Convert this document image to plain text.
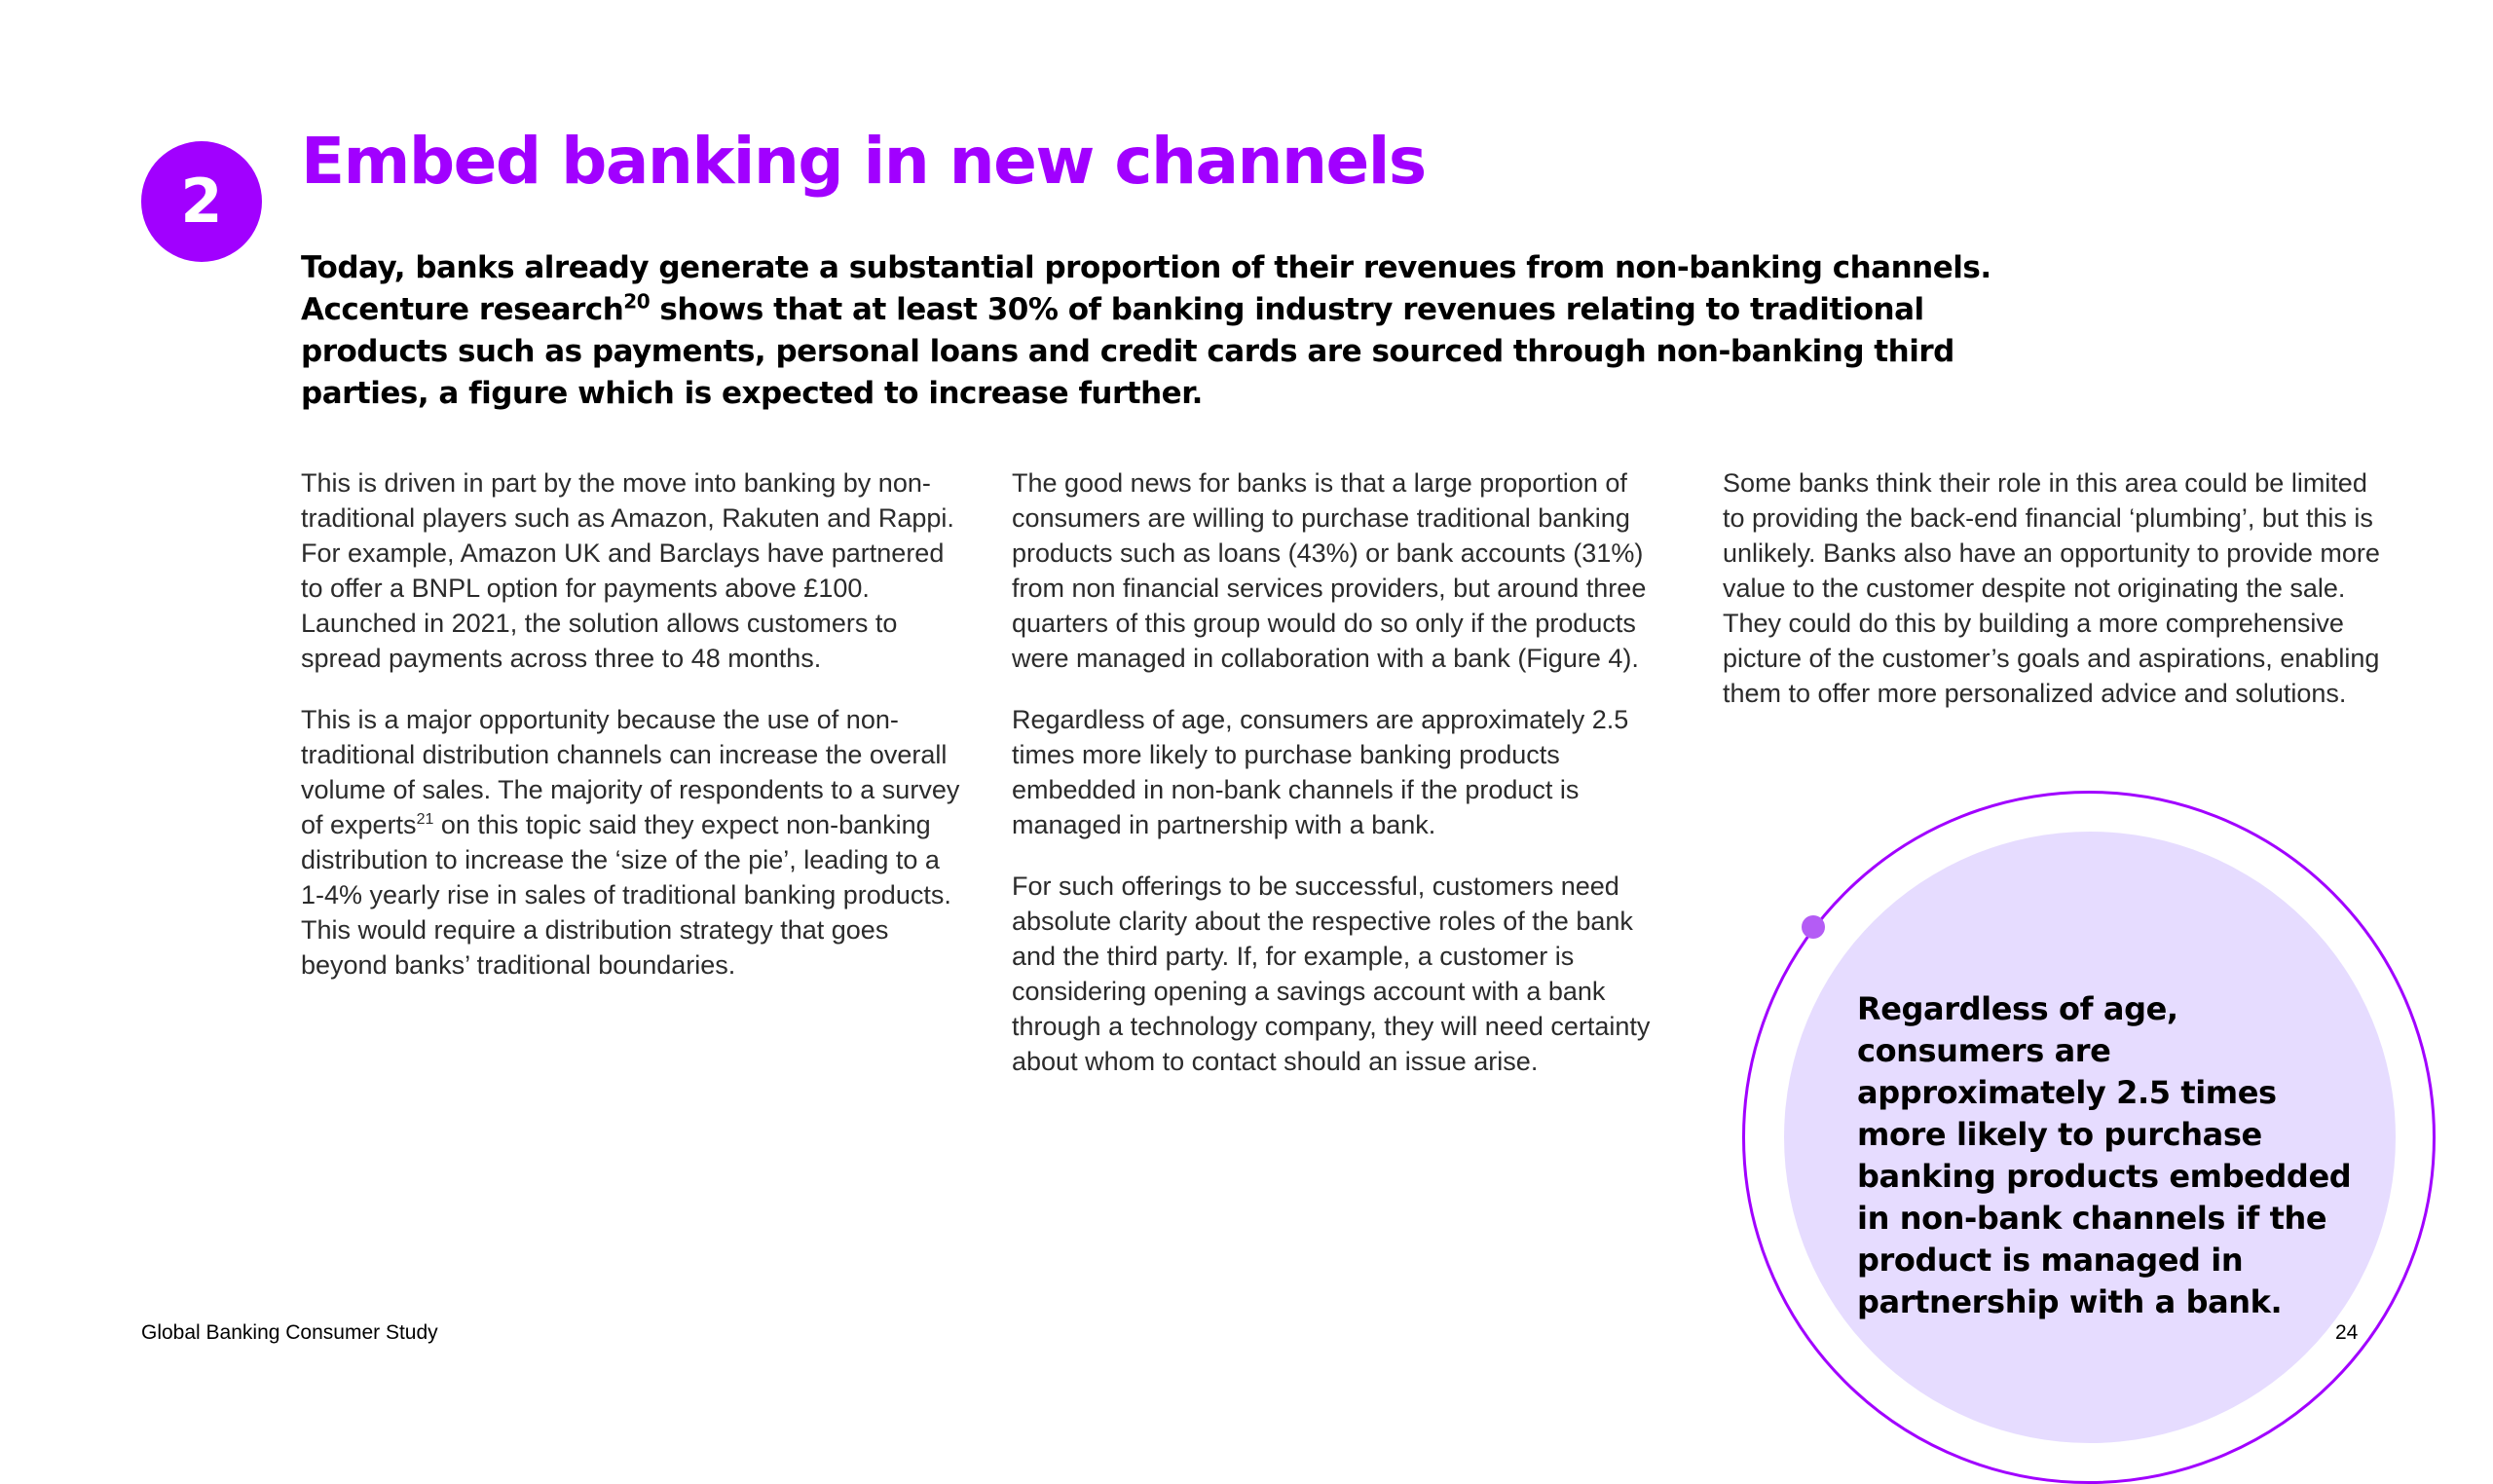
2
Embed banking in new channels

Today, banks already generate a substantial proportion of their revenues from non-banking channels. Accenture research$^{20}$ shows that at least 30% of banking industry revenues relating to traditional products such as payments, personal loans and credit cards are sourced through non-banking third parties, a figure which is expected to increase further.

This is driven in part by the move into banking by non-traditional players such as Amazon, Rakuten and Rappi. For example, Amazon UK and Barclays have partnered to offer a BNPL option for payments above £100. Launched in 2021, the solution allows customers to spread payments across three to 48 months.

This is a major opportunity because the use of non-traditional distribution channels can increase the overall volume of sales. The majority of respondents to a survey of experts$^{21}$ on this topic said they expect non-banking distribution to increase the ‘size of the pie’, leading to a 1-4% yearly rise in sales of traditional banking products. This would require a distribution strategy that goes beyond banks’ traditional boundaries.

The good news for banks is that a large proportion of consumers are willing to purchase traditional banking products such as loans (43%) or bank accounts (31%) from non financial services providers, but around three quarters of this group would do so only if the products were managed in collaboration with a bank (Figure 4).

Regardless of age, consumers are approximately 2.5 times more likely to purchase banking products embedded in non-bank channels if the product is managed in partnership with a bank.

For such offerings to be successful, customers need absolute clarity about the respective roles of the bank and the third party. If, for example, a customer is considering opening a savings account with a bank through a technology company, they will need certainty about whom to contact should an issue arise.

Some banks think their role in this area could be limited to providing the back-end financial ‘plumbing’, but this is unlikely. Banks also have an opportunity to provide more value to the customer despite not originating the sale. They could do this by building a more comprehensive picture of the customer’s goals and aspirations, enabling them to offer more personalized advice and solutions.

Regardless of age, consumers are approximately 2.5 times more likely to purchase banking products embedded in non-bank channels if the product is managed in partnership with a bank.

Global Banking Consumer Study	24
